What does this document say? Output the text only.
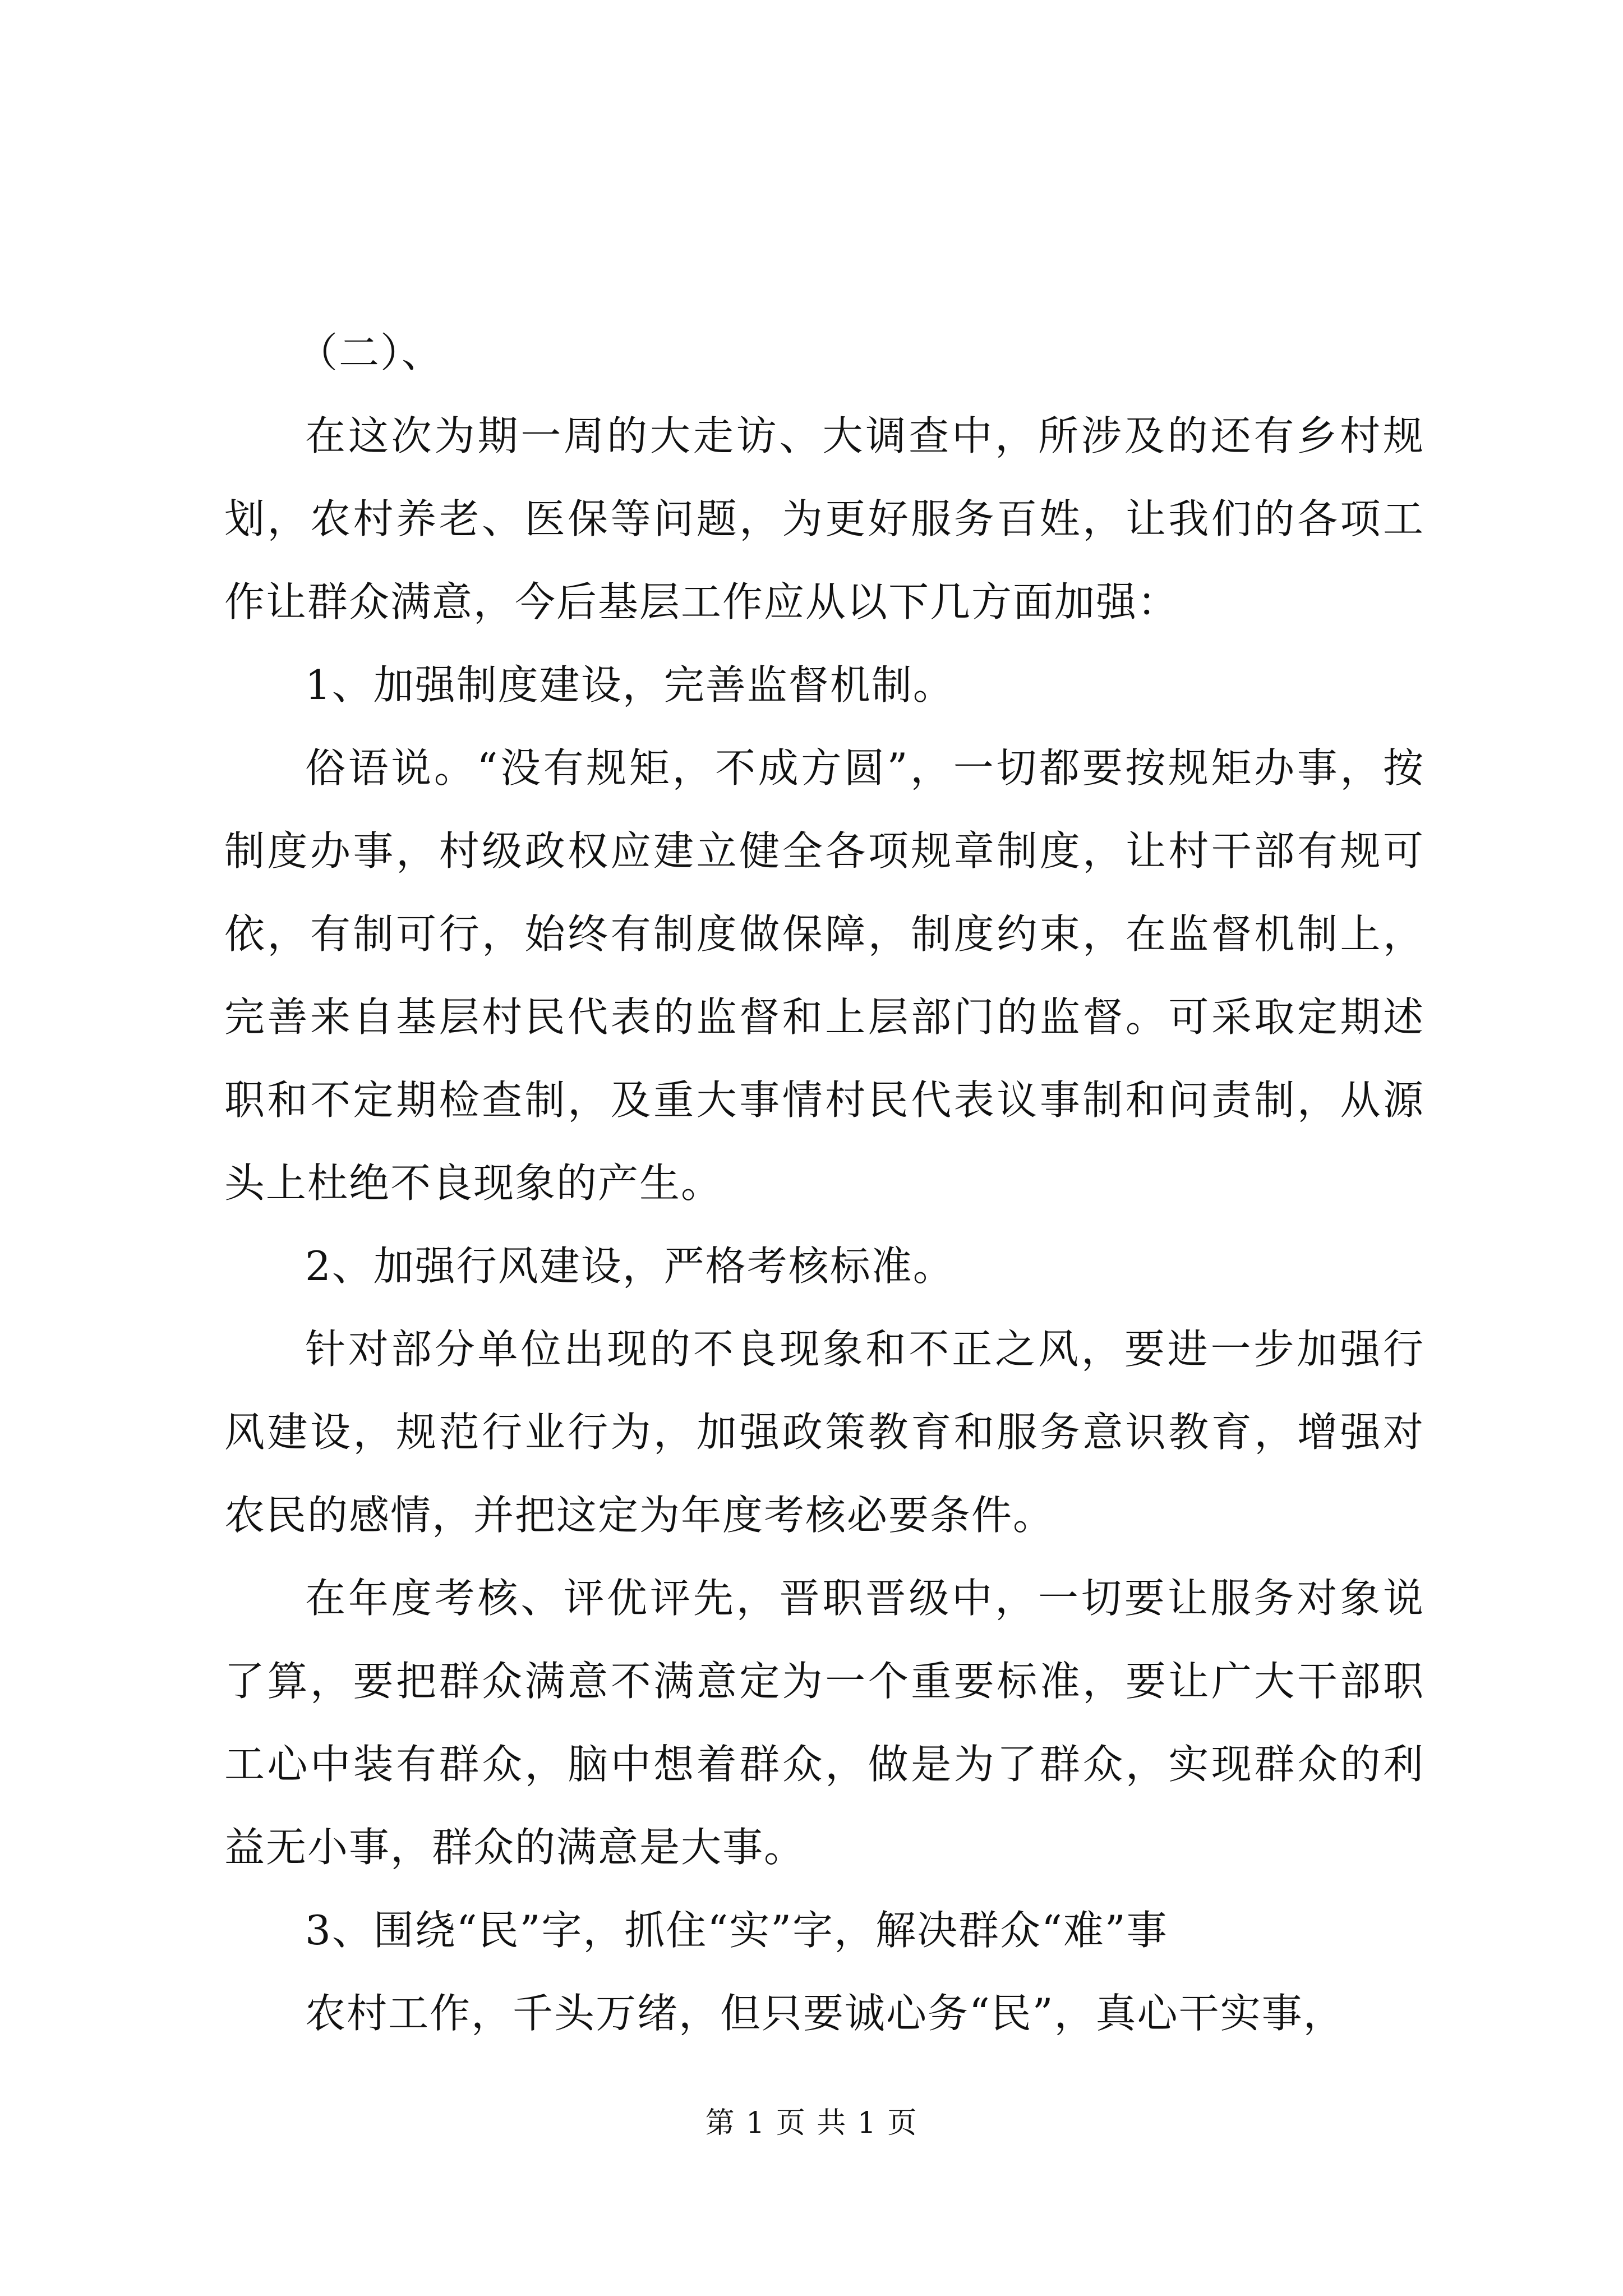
（二）、

在这次为期一周的大走访、大调查中，所涉及的还有乡村规划，农村养老、医保等问题，为更好服务百姓，让我们的各项工作让群众满意，今后基层工作应从以下几方面加强：

1、加强制度建设，完善监督机制。

俗语说。“没有规矩，不成方圆”，一切都要按规矩办事，按制度办事，村级政权应建立健全各项规章制度，让村干部有规可依，有制可行，始终有制度做保障，制度约束，在监督机制上，完善来自基层村民代表的监督和上层部门的监督。可采取定期述职和不定期检查制，及重大事情村民代表议事制和问责制，从源头上杜绝不良现象的产生。

2、加强行风建设，严格考核标准。

针对部分单位出现的不良现象和不正之风，要进一步加强行风建设，规范行业行为，加强政策教育和服务意识教育，增强对农民的感情，并把这定为年度考核必要条件。

在年度考核、评优评先，晋职晋级中，一切要让服务对象说了算，要把群众满意不满意定为一个重要标准，要让广大干部职工心中装有群众，脑中想着群众，做是为了群众，实现群众的利益无小事，群众的满意是大事。

3、围绕“民”字，抓住“实”字，解决群众“难”事

农村工作，千头万绪，但只要诚心务“民”，真心干实事，

第 1 页 共 1 页
